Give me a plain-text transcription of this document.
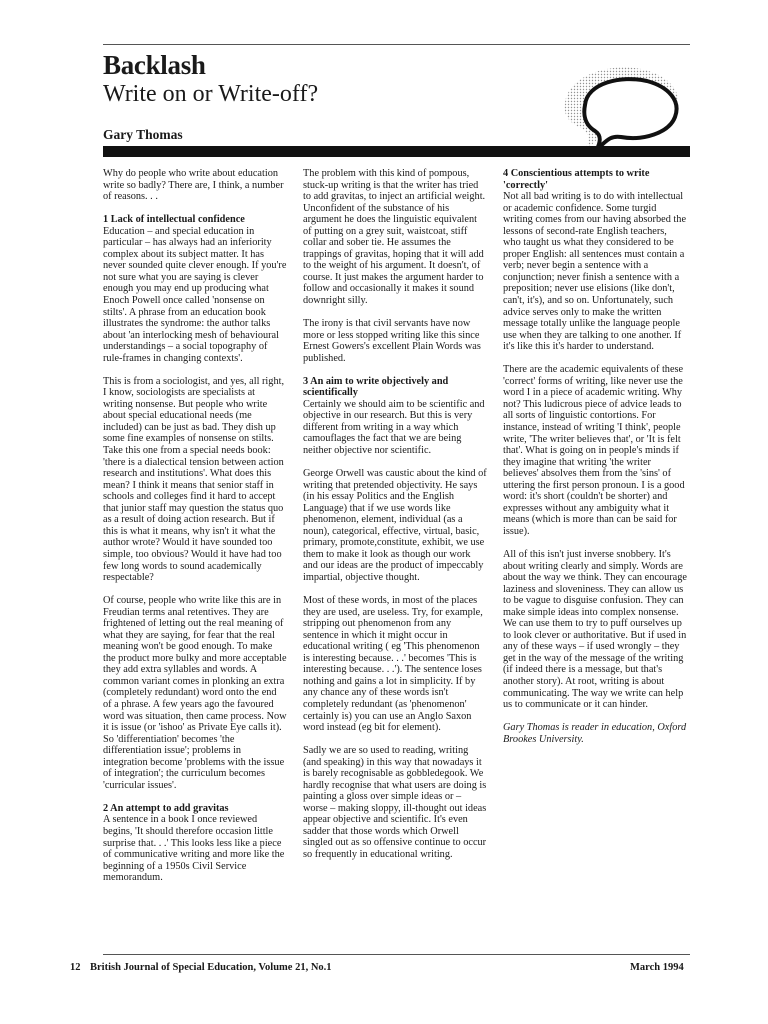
Backlash
Write on or Write-off?
Gary Thomas

Why do people who write about education write so badly? There are, I think, a number of reasons. . .

1 Lack of intellectual confidence

Education – and special education in particular – has always had an inferiority complex about its subject matter. It has never sounded quite clever enough. If you're not sure what you are saying is clever enough you may end up producing what Enoch Powell once called 'nonsense on stilts'. A phrase from an education book illustrates the syndrome: the author talks about 'an interlocking mesh of behavioural understandings – a social topography of rule-frames in changing contexts'.

This is from a sociologist, and yes, all right, I know, sociologists are specialists at writing nonsense. But people who write about special educational needs (me included) can be just as bad. They dish up some fine examples of nonsense on stilts. Take this one from a special needs book: 'there is a dialectical tension between action research and institutions'. What does this mean? I think it means that senior staff in schools and colleges find it hard to accept that junior staff may question the status quo as a result of doing action research. But if this is what it means, why isn't it what the author wrote? Would it have sounded too simple, too obvious? Would it have had too few long words to sound academically respectable?

Of course, people who write like this are in Freudian terms anal retentives. They are frightened of letting out the real meaning of what they are saying, for fear that the real meaning won't be good enough. To make the product more bulky and more acceptable they add extra syllables and words. A common variant comes in plonking an extra (completely redundant) word onto the end of a phrase. A few years ago the favoured word was situation, then came process. Now it is issue (or 'ishoo' as Private Eye calls it). So 'differentiation' becomes 'the differentiation issue'; problems in integration become 'problems with the issue of integration'; the curriculum becomes 'curricular issues'.

2 An attempt to add gravitas

A sentence in a book I once reviewed begins, 'It should therefore occasion little surprise that. . .' This looks less like a piece of communicative writing and more like the beginning of a 1950s Civil Service memorandum.

The problem with this kind of pompous, stuck-up writing is that the writer has tried to add gravitas, to inject an artificial weight. Unconfident of the substance of his argument he does the linguistic equivalent of putting on a grey suit, waistcoat, stiff collar and sober tie. He assumes the trappings of gravitas, hoping that it will add to the weight of his argument. It doesn't, of course. It just makes the argument harder to follow and occasionally it makes it sound downright silly.

The irony is that civil servants have now more or less stopped writing like this since Ernest Gowers's excellent Plain Words was published.

3 An aim to write objectively and scientifically

Certainly we should aim to be scientific and objective in our research. But this is very different from writing in a way which camouflages the fact that we are being neither objective nor scientific.

George Orwell was caustic about the kind of writing that pretended objectivity. He says (in his essay Politics and the English Language) that if we use words like phenomenon, element, individual (as a noun), categorical, effective, virtual, basic, primary, promote,constitute, exhibit, we use them to make it look as though our work and our ideas are the product of impeccably impartial, objective thought.

Most of these words, in most of the places they are used, are useless. Try, for example, stripping out phenomenon from any sentence in which it might occur in educational writing ( eg 'This phenomenon is interesting because. . .' becomes 'This is interesting because. . .'). The sentence loses nothing and gains a lot in simplicity. If by any chance any of these words isn't completely redundant (as 'phenomenon' certainly is) you can use an Anglo Saxon word instead (eg bit for element).

Sadly we are so used to reading, writing (and speaking) in this way that nowadays it is barely recognisable as gobbledegook. We hardly recognise that what users are doing is painting a gloss over simple ideas or – worse – making sloppy, ill-thought out ideas appear objective and scientific. It's even sadder that those words which Orwell singled out as so offensive continue to occur so frequently in educational writing.

4 Conscientious attempts to write 'correctly'

Not all bad writing is to do with intellectual or academic confidence. Some turgid writing comes from our having absorbed the lessons of second-rate English teachers, who taught us what they considered to be proper English: all sentences must contain a verb; never begin a sentence with a conjunction; never finish a sentence with a preposition; never use elisions (like don't, can't, it's), and so on. Unfortunately, such advice serves only to make the written message totally unlike the language people use when they are talking to one another. If it's like this it's harder to understand.

There are the academic equivalents of these 'correct' forms of writing, like never use the word I in a piece of academic writing. Why not? This ludicrous piece of advice leads to all sorts of linguistic contortions. For instance, instead of writing 'I think', people write, 'The writer believes that', or 'It is felt that'. What is going on in people's minds if they imagine that writing 'the writer believes' absolves them from the 'sins' of uttering the first person pronoun. I is a good word: it's short (couldn't be shorter) and expresses without any ambiguity what it means (which is more than can be said for issue).

All of this isn't just inverse snobbery. It's about writing clearly and simply. Words are about the way we think. They can encourage laziness and sloveniness. They can allow us to be vague to disguise confusion. They can make simple ideas into complex nonsense. We can use them to try to puff ourselves up to look clever or authoritative. But if used in any of these ways – if used wrongly – they get in the way of the message of the writing (if indeed there is a message, but that's another story). At root, writing is about communicating. The way we write can help us to communicate or it can hinder.

Gary Thomas is reader in education, Oxford Brookes University.

12 British Journal of Special Education, Volume 21, No.1	March 1994
